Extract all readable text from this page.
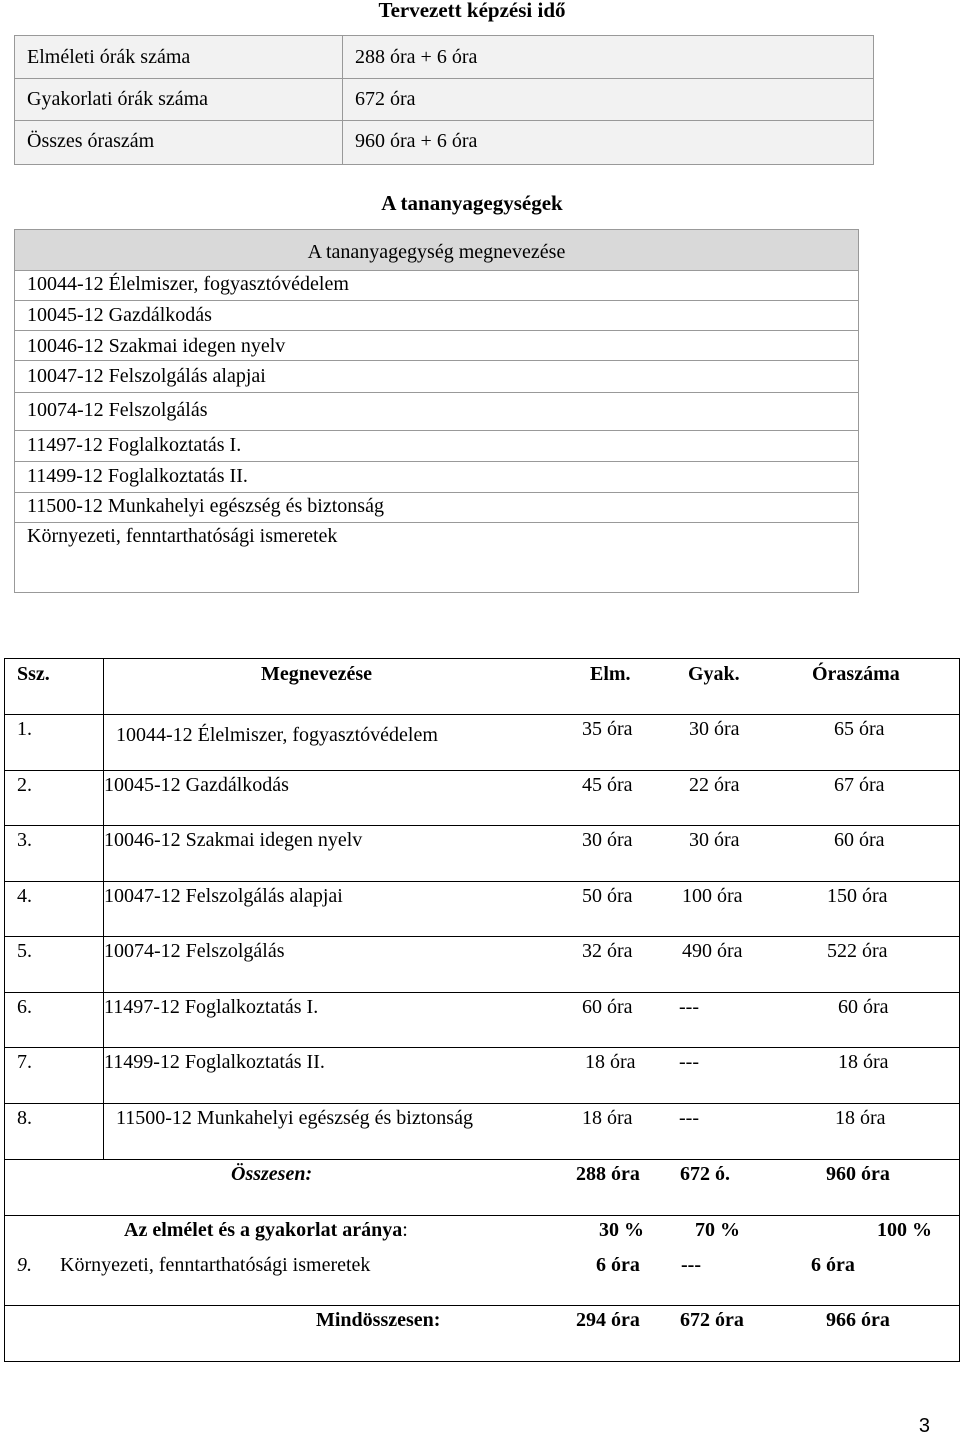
Tervezett képzési idő
Elméleti órák száma	288 óra + 6 óra
Gyakorlati órák száma	672 óra
Összes óraszám	960 óra + 6 óra
A tananyagegységek
A tananyagegység megnevezése
10044-12 Élelmiszer, fogyasztóvédelem
10045-12 Gazdálkodás
10046-12 Szakmai idegen nyelv
10047-12 Felszolgálás alapjai
10074-12 Felszolgálás
11497-12 Foglalkoztatás I.
11499-12 Foglalkoztatás II.
11500-12 Munkahelyi egészség és biztonság
Környezeti, fenntarthatósági ismeretek
Ssz.	Megnevezése	Elm.	Gyak.	Óraszáma
1.	10044-12 Élelmiszer, fogyasztóvédelem	35 óra	30 óra	65 óra
2.	10045-12 Gazdálkodás	45 óra	22 óra	67 óra
3.	10046-12 Szakmai idegen nyelv	30 óra	30 óra	60 óra
4.	10047-12 Felszolgálás alapjai	50 óra 100 óra	150 óra
5.	10074-12 Felszolgálás	32 óra 490 óra	522 óra
6.	11497-12 Foglalkoztatás I.	60 óra ---	60 óra
7.	11499-12 Foglalkoztatás II.	18 óra ---	18 óra
8.	11500-12 Munkahelyi egészség és biztonság	18 óra ---	18 óra
Összesen:	288 óra 672 ó.	960 óra
Az elmélet és a gyakorlat aránya:	30 %	70 %	100 %
9. Környezeti, fenntarthatósági ismeretek	6 óra ---	6 óra
Mindösszesen:	294 óra 672 óra	966 óra
3
